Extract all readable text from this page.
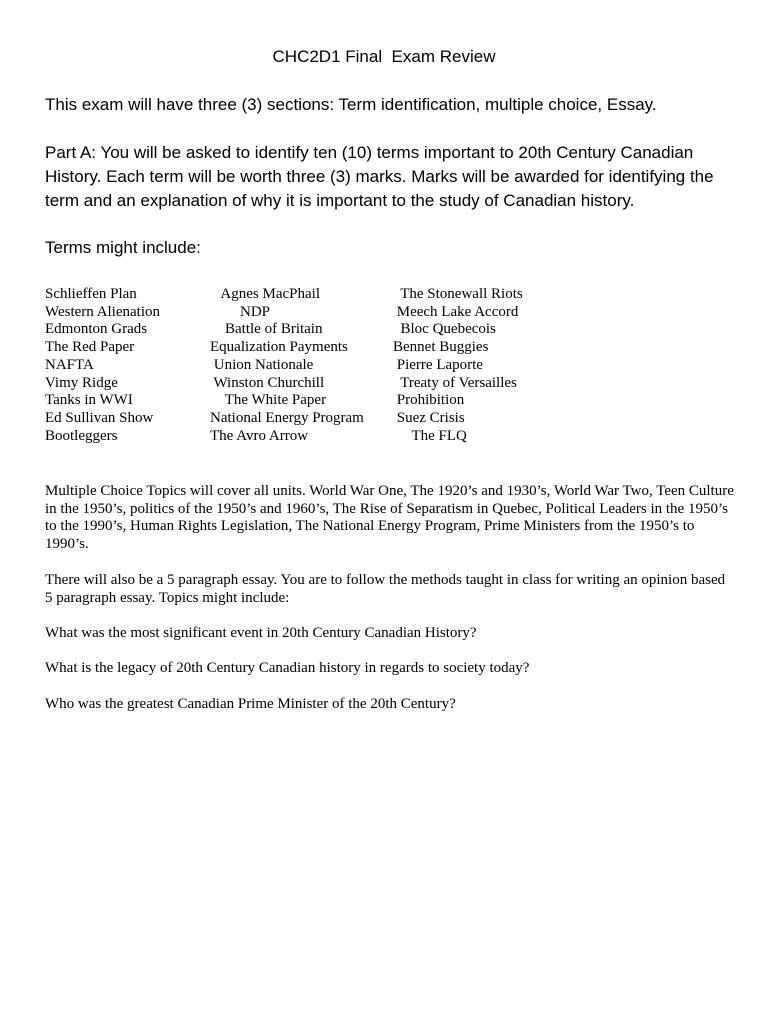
CHC2D1 Final  Exam Review

This exam will have three (3) sections: Term identification, multiple choice, Essay.

Part A: You will be asked to identify ten (10) terms important to 20th Century Canadian History. Each term will be worth three (3) marks. Marks will be awarded for identifying the term and an explanation of why it is important to the study of Canadian history.

Terms might include:

Schlieffen Plan
Western Alienation
Edmonton Grads
The Red Paper
NAFTA
Vimy Ridge
Tanks in WWI
Ed Sullivan Show
Bootleggers
Agnes MacPhail
NDP
Battle of Britain
Equalization Payments
Union Nationale
Winston Churchill
The White Paper
National Energy Program
The Avro Arrow
The Stonewall Riots
Meech Lake Accord
Bloc Quebecois
Bennet Buggies
Pierre Laporte
Treaty of Versailles
Prohibition
Suez Crisis
The FLQ

Multiple Choice Topics will cover all units. World War One, The 1920’s and 1930’s, World War Two, Teen Culture in the 1950’s, politics of the 1950’s and 1960’s, The Rise of Separatism in Quebec, Political Leaders in the 1950’s to the 1990’s, Human Rights Legislation, The National Energy Program, Prime Ministers from the 1950’s to 1990’s.

There will also be a 5 paragraph essay. You are to follow the methods taught in class for writing an opinion based 5 paragraph essay. Topics might include:

What was the most significant event in 20th Century Canadian History?

What is the legacy of 20th Century Canadian history in regards to society today?

Who was the greatest Canadian Prime Minister of the 20th Century?
